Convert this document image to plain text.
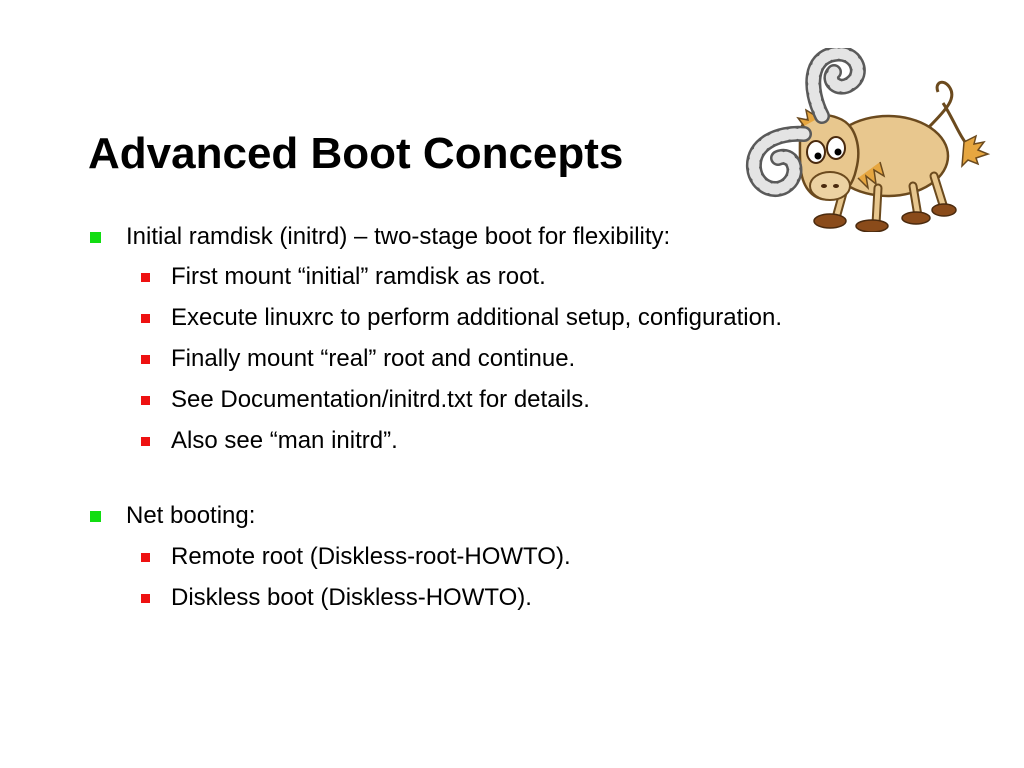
Advanced Boot Concepts
Initial ramdisk (initrd) – two-stage boot for flexibility:
First mount “initial” ramdisk as root.
Execute linuxrc to perform additional setup, configuration.
Finally mount “real” root and continue.
See Documentation/initrd.txt for details.
Also see “man initrd”.
Net booting:
Remote root (Diskless-root-HOWTO).
Diskless boot (Diskless-HOWTO).
